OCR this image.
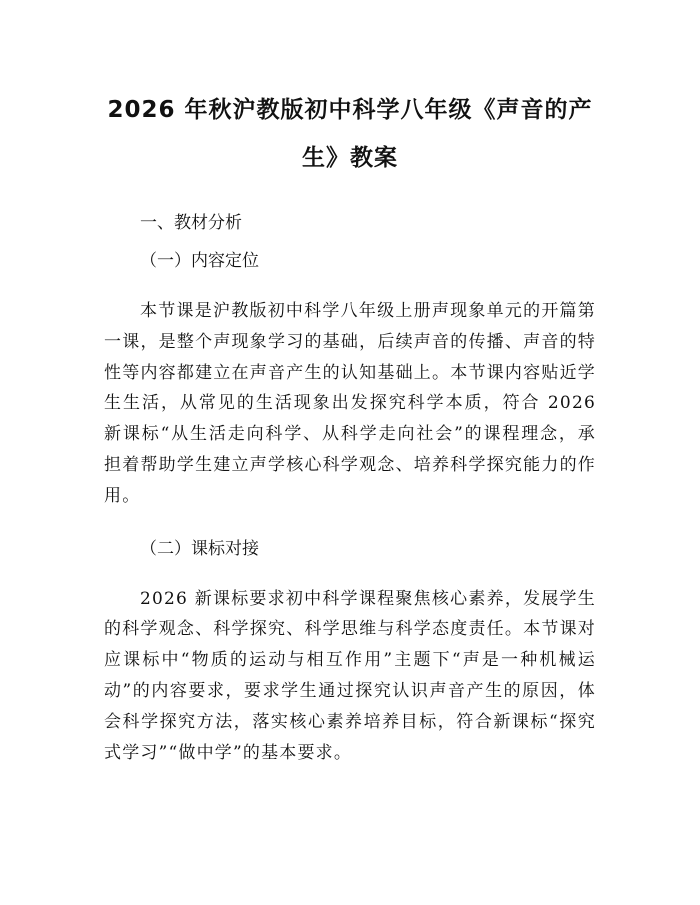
2026 年秋沪教版初中科学八年级《声音的产生》教案

一、教材分析

（一）内容定位

本节课是沪教版初中科学八年级上册声现象单元的开篇第一课，是整个声现象学习的基础，后续声音的传播、声音的特性等内容都建立在声音产生的认知基础上。本节课内容贴近学生生活，从常见的生活现象出发探究科学本质，符合 2026 新课标“从生活走向科学、从科学走向社会”的课程理念，承担着帮助学生建立声学核心科学观念、培养科学探究能力的作用。

（二）课标对接

2026 新课标要求初中科学课程聚焦核心素养，发展学生的科学观念、科学探究、科学思维与科学态度责任。本节课对应课标中“物质的运动与相互作用”主题下“声是一种机械运动”的内容要求，要求学生通过探究认识声音产生的原因，体会科学探究方法，落实核心素养培养目标，符合新课标“探究式学习”“做中学”的基本要求。
